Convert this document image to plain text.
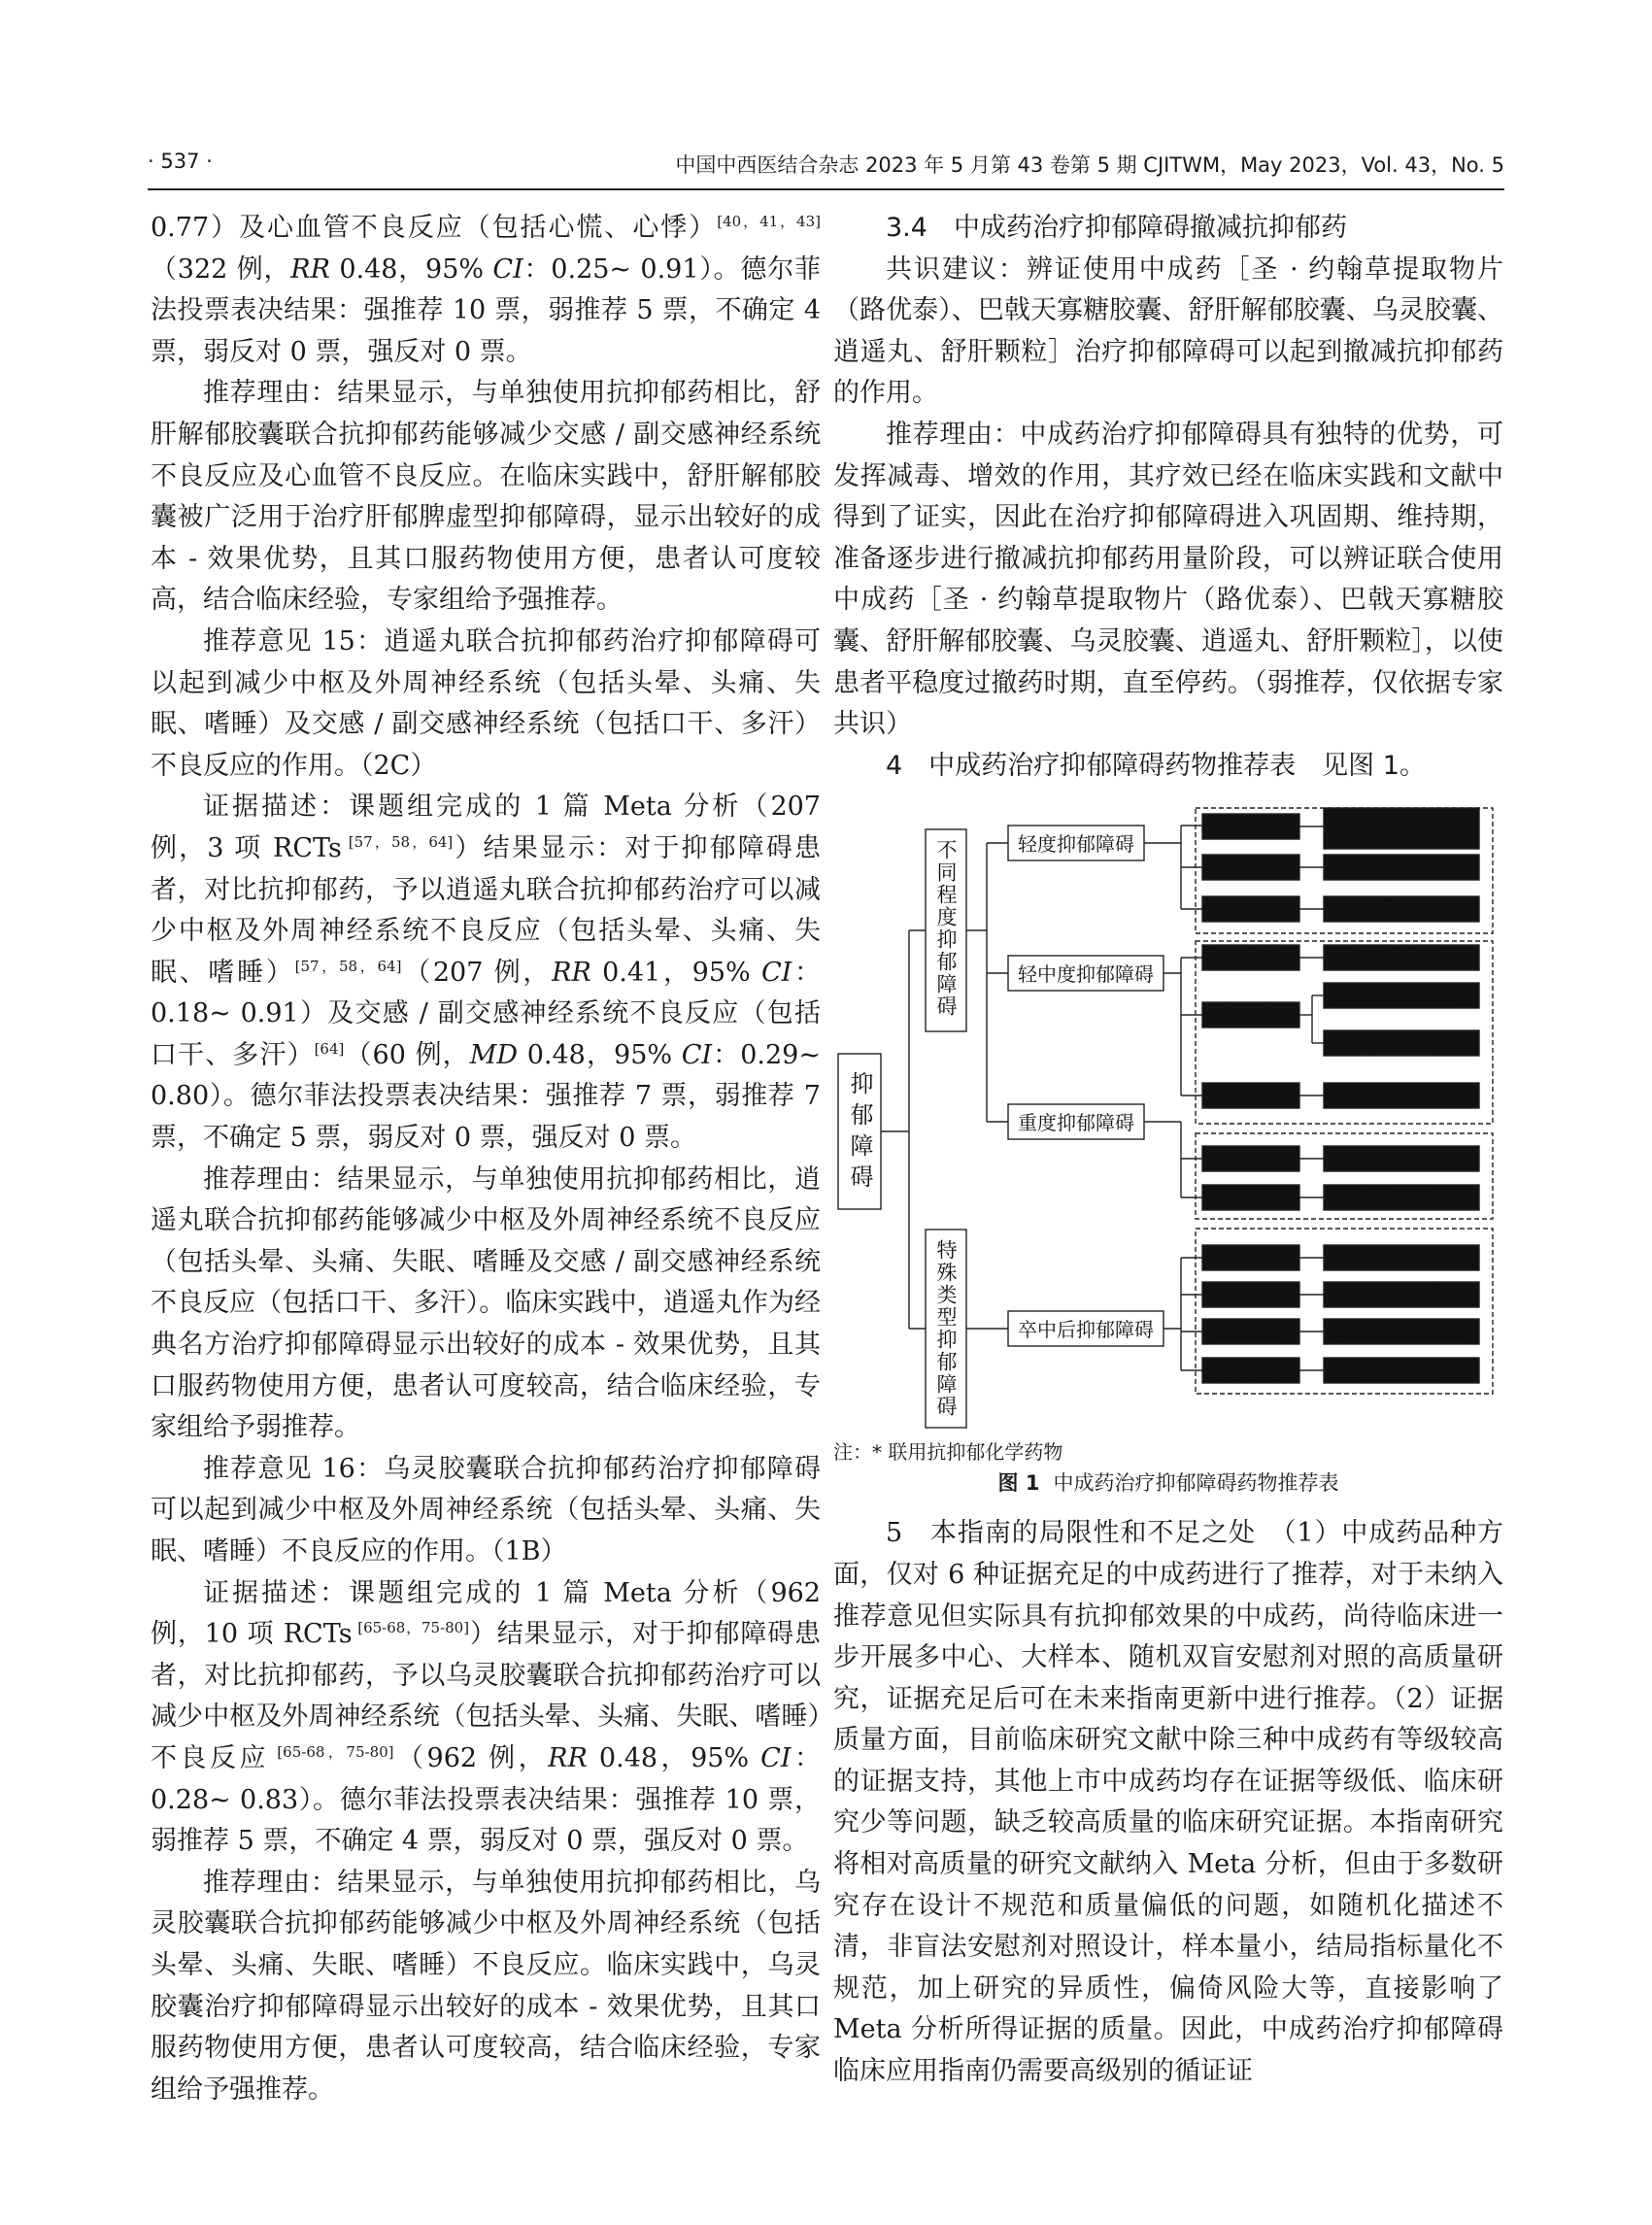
· 537 ·	中国中西医结合杂志 2023 年 5 月第 43 卷第 5 期 CJITWM，May 2023，Vol. 43，No. 5

0.77）及心血管不良反应（包括心慌、心悸）[40，41，43]（322 例，RR 0.48，95% CI：0.25~ 0.91）。德尔菲法投票表决结果：强推荐 10 票，弱推荐 5 票，不确定 4 票，弱反对 0 票，强反对 0 票。

推荐理由：结果显示，与单独使用抗抑郁药相比，舒肝解郁胶囊联合抗抑郁药能够减少交感 / 副交感神经系统不良反应及心血管不良反应。在临床实践中，舒肝解郁胶囊被广泛用于治疗肝郁脾虚型抑郁障碍，显示出较好的成本 - 效果优势，且其口服药物使用方便，患者认可度较高，结合临床经验，专家组给予强推荐。

推荐意见 15：逍遥丸联合抗抑郁药治疗抑郁障碍可以起到减少中枢及外周神经系统（包括头晕、头痛、失眠、嗜睡）及交感 / 副交感神经系统（包括口干、多汗）不良反应的作用。（2C）

证据描述：课题组完成的 1 篇 Meta 分析（207 例，3 项 RCTs [57，58，64]）结果显示：对于抑郁障碍患者，对比抗抑郁药，予以逍遥丸联合抗抑郁药治疗可以减少中枢及外周神经系统不良反应（包括头晕、头痛、失眠、嗜睡）[57，58，64]（207 例，RR 0.41，95% CI：0.18~ 0.91）及交感 / 副交感神经系统不良反应（包括口干、多汗）[64]（60 例，MD 0.48，95% CI：0.29~ 0.80）。德尔菲法投票表决结果：强推荐 7 票，弱推荐 7 票，不确定 5 票，弱反对 0 票，强反对 0 票。

推荐理由：结果显示，与单独使用抗抑郁药相比，逍遥丸联合抗抑郁药能够减少中枢及外周神经系统不良反应（包括头晕、头痛、失眠、嗜睡及交感 / 副交感神经系统不良反应（包括口干、多汗）。临床实践中，逍遥丸作为经典名方治疗抑郁障碍显示出较好的成本 - 效果优势，且其口服药物使用方便，患者认可度较高，结合临床经验，专家组给予弱推荐。

推荐意见 16：乌灵胶囊联合抗抑郁药治疗抑郁障碍可以起到减少中枢及外周神经系统（包括头晕、头痛、失眠、嗜睡）不良反应的作用。（1B）

证据描述：课题组完成的 1 篇 Meta 分析（962 例，10 项 RCTs [65-68，75-80]）结果显示，对于抑郁障碍患者，对比抗抑郁药，予以乌灵胶囊联合抗抑郁药治疗可以减少中枢及外周神经系统（包括头晕、头痛、失眠、嗜睡）不良反应 [65-68，75-80]（962 例，RR 0.48，95% CI：0.28~ 0.83）。德尔菲法投票表决结果：强推荐 10 票，弱推荐 5 票，不确定 4 票，弱反对 0 票，强反对 0 票。

推荐理由：结果显示，与单独使用抗抑郁药相比，乌灵胶囊联合抗抑郁药能够减少中枢及外周神经系统（包括头晕、头痛、失眠、嗜睡）不良反应。临床实践中，乌灵胶囊治疗抑郁障碍显示出较好的成本 - 效果优势，且其口服药物使用方便，患者认可度较高，结合临床经验，专家组给予强推荐。

3.4　中成药治疗抑郁障碍撤减抗抑郁药

共识建议：辨证使用中成药［圣 · 约翰草提取物片（路优泰）、巴戟天寡糖胶囊、舒肝解郁胶囊、乌灵胶囊、逍遥丸、舒肝颗粒］治疗抑郁障碍可以起到撤减抗抑郁药的作用。

推荐理由：中成药治疗抑郁障碍具有独特的优势，可发挥减毒、增效的作用，其疗效已经在临床实践和文献中得到了证实，因此在治疗抑郁障碍进入巩固期、维持期，准备逐步进行撤减抗抑郁药用量阶段，可以辨证联合使用中成药［圣 · 约翰草提取物片（路优泰）、巴戟天寡糖胶囊、舒肝解郁胶囊、乌灵胶囊、逍遥丸、舒肝颗粒］，以使患者平稳度过撤药时期，直至停药。（弱推荐，仅依据专家共识）

4　中成药治疗抑郁障碍药物推荐表　见图 1。
抑郁障碍
不同程度抑郁障碍
特殊类型抑郁障碍
轻度抑郁障碍
轻中度抑郁障碍
重度抑郁障碍
卒中后抑郁障碍
肝郁气滞证
肝郁脾虚证
肾阳虚证
肝郁气滞证
肝郁脾虚证
心肾不交证
肝郁脾虚证
心肾不交证
肝郁气滞证
肝郁脾虚证
肾阳虚证
心肾不交证
圣 · 约翰草提取物片
（路优泰）单用
舒肝解郁胶囊单用
巴戟天寡糖胶囊单用
舒肝颗粒联用*
舒肝解郁胶囊联用*
逍遥丸联用*
乌灵胶囊联用*
舒肝解郁胶囊联用*
乌灵胶囊联用*
舒肝颗粒联用*
舒肝解郁胶囊联用*
巴戟天寡糖胶囊联用*
乌灵胶囊联用*
注：* 联用抗抑郁化学药物
图 1 中成药治疗抑郁障碍药物推荐表

5　本指南的局限性和不足之处　（1）中成药品种方面，仅对 6 种证据充足的中成药进行了推荐，对于未纳入推荐意见但实际具有抗抑郁效果的中成药，尚待临床进一步开展多中心、大样本、随机双盲安慰剂对照的高质量研究，证据充足后可在未来指南更新中进行推荐。（2）证据质量方面，目前临床研究文献中除三种中成药有等级较高的证据支持，其他上市中成药均存在证据等级低、临床研究少等问题，缺乏较高质量的临床研究证据。本指南研究将相对高质量的研究文献纳入 Meta 分析，但由于多数研究存在设计不规范和质量偏低的问题，如随机化描述不清，非盲法安慰剂对照设计，样本量小，结局指标量化不规范，加上研究的异质性，偏倚风险大等，直接影响了 Meta 分析所得证据的质量。因此，中成药治疗抑郁障碍临床应用指南仍需要高级别的循证证
